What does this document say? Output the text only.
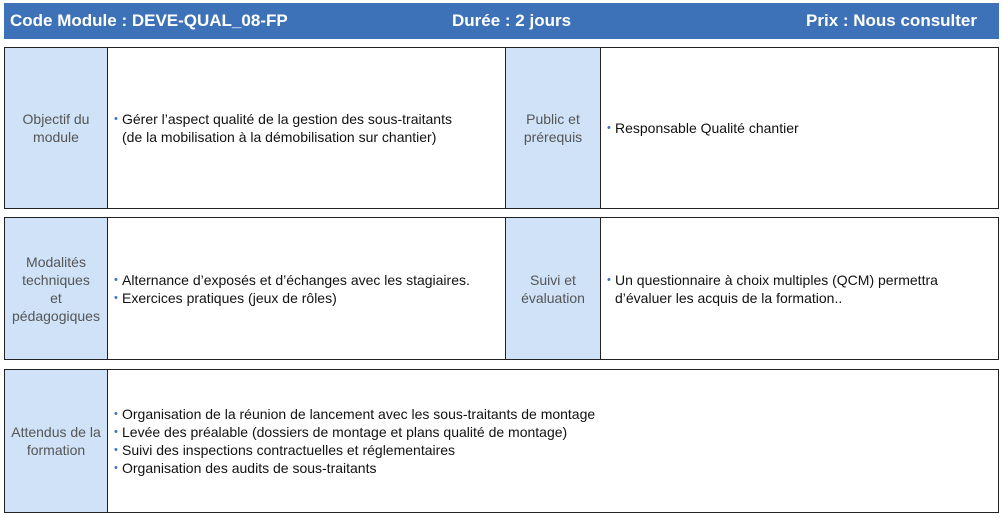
Code Module : DEVE-QUAL_08-FP	Durée : 2 jours	Prix : Nous consulter
Objectif du
module
• Gérer l’aspect qualité de la gestion des sous-traitants
(de la mobilisation à la démobilisation sur chantier)
Public et
prérequis
• Responsable Qualité chantier
Modalités
techniques
et
pédagogiques
• Alternance d’exposés et d’échanges avec les stagiaires.
• Exercices pratiques (jeux de rôles)
Suivi et
évaluation
• Un questionnaire à choix multiples (QCM) permettra
d’évaluer les acquis de la formation..
Attendus de la
formation
• Organisation de la réunion de lancement avec les sous-traitants de montage
• Levée des préalable (dossiers de montage et plans qualité de montage)
• Suivi des inspections contractuelles et réglementaires
• Organisation des audits de sous-traitants
